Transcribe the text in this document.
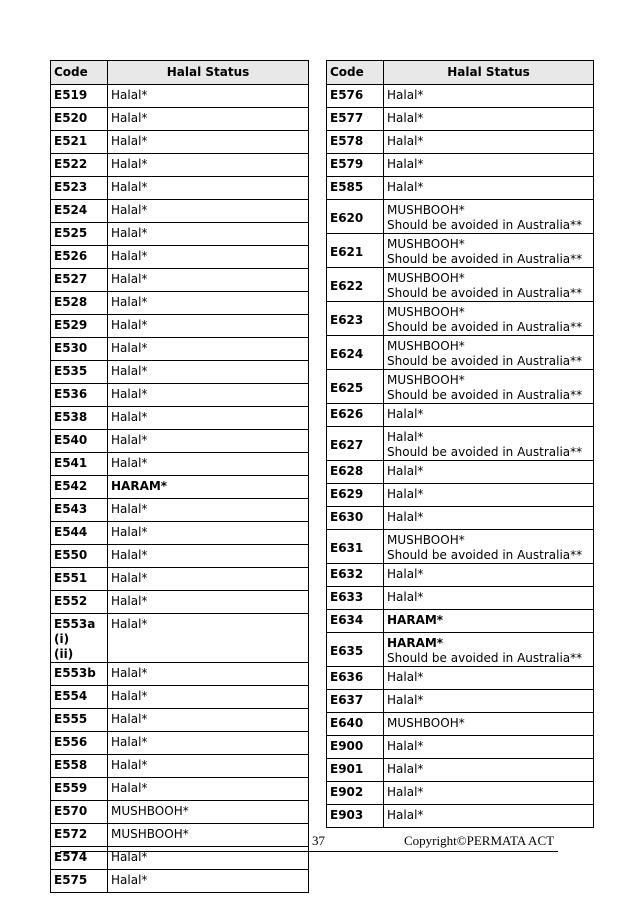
Code	Halal Status
E519	Halal*
E520	Halal*
E521	Halal*
E522	Halal*
E523	Halal*
E524	Halal*
E525	Halal*
E526	Halal*
E527	Halal*
E528	Halal*
E529	Halal*
E530	Halal*
E535	Halal*
E536	Halal*
E538	Halal*
E540	Halal*
E541	Halal*
E542	HARAM*
E543	Halal*
E544	Halal*
E550	Halal*
E551	Halal*
E552	Halal*
E553a
(i)
(ii)	Halal*
E553b	Halal*
E554	Halal*
E555	Halal*
E556	Halal*
E558	Halal*
E559	Halal*
E570	MUSHBOOH*
E572	MUSHBOOH*
E574	Halal*
E575	Halal*
Code	Halal Status
E576	Halal*
E577	Halal*
E578	Halal*
E579	Halal*
E585	Halal*
E620	MUSHBOOH*
Should be avoided in Australia**

E621	MUSHBOOH*
Should be avoided in Australia**

E622	MUSHBOOH*
Should be avoided in Australia**

E623	MUSHBOOH*
Should be avoided in Australia**

E624	MUSHBOOH*
Should be avoided in Australia**

E625	MUSHBOOH*
Should be avoided in Australia**

E626	Halal*
E627	Halal*
Should be avoided in Australia**

E628	Halal*
E629	Halal*
E630	Halal*
E631	MUSHBOOH*
Should be avoided in Australia**

E632	Halal*
E633	Halal*
E634	HARAM*
E635	HARAM*
Should be avoided in Australia**

E636	Halal*
E637	Halal*
E640	MUSHBOOH*
E900	Halal*
E901	Halal*
E902	Halal*
E903	Halal*
37	Copyright©PERMATA ACT
